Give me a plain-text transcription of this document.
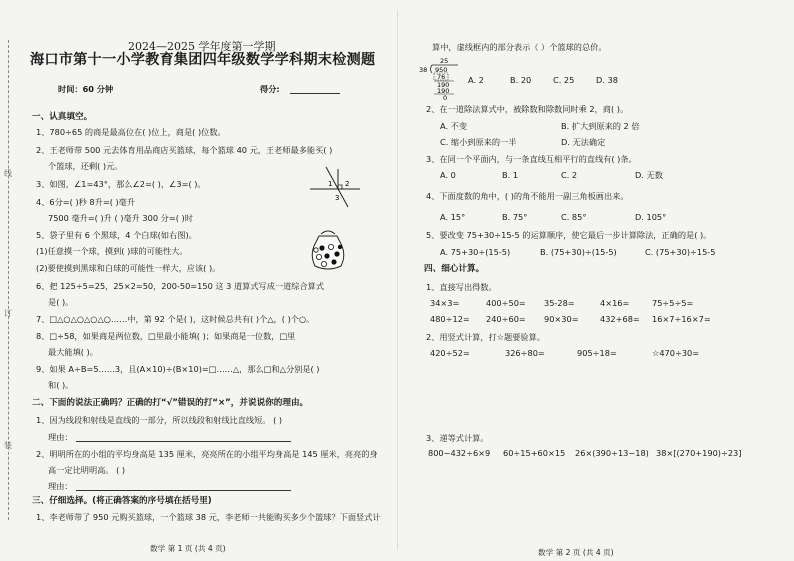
线
订
装
2024—2025 学年度第一学期
海口市第十一小学教育集团四年级数学学科期末检测题
时间：60 分钟	得分:
一、认真填空。
1、780÷65 的商是最高位在( )位上，商是( )位数。
2、王老师带 500 元去体育用品商店买篮球，每个篮球 40 元，王老师最多能买( )
个篮球，还剩( )元。
3、如图，∠1=43°，那么∠2=( )，∠3=( )。	1 2
3
4、6分=( )秒 8升=( )毫升
7500 毫升=( )升 ( )毫升 300 分=( )时
5、袋子里有 6 个黑球，4 个白球(如右图)。
(1)任意摸一个球，摸到( )球的可能性大。
(2)要使摸到黑球和白球的可能性一样大，应该( )。
6、把 125÷5=25，25×2=50，200-50=150 这 3 道算式写成一道综合算式
是( )。
7、□△○△○△○△○……中，第 92 个是( )，这时候总共有( )个△，( )个○。
8、□÷58，如果商是两位数，□里最小能填( )；如果商是一位数，□里
最大能填( )。
9、如果 A÷B=5……3，且(A×10)÷(B×10)=□……△，那么□和△分别是( )
和( )。
二、下面的说法正确吗？正确的打“√”错误的打“×”，并说说你的理由。
1、因为线段和射线是直线的一部分，所以线段和射线比直线短。 ( )
理由：
2、明明所在的小组的平均身高是 135 厘米，亮亮所在的小组平均身高是 145 厘米，亮亮的身
高一定比明明高。 ( )
理由：
三、仔细选择。(将正确答案的序号填在括号里)
1、李老师带了 950 元购买篮球，一个篮球 38 元，李老师一共能购买多少个篮球？下面竖式计
数学 第 1 页 (共 4 页)
算中，虚线框内的部分表示（ ）个篮球的总价。
25
38 950
76
190
190
0
A. 2	B. 20	C. 25	D. 38
2、在一道除法算式中，被除数和除数同时乘 2，商( )。
A. 不变	B. 扩大到原来的 2 倍
C. 缩小到原来的一半	D. 无法确定
3、在同一个平面内，与一条直线互相平行的直线有( )条。
A. 0	B. 1	C. 2	D. 无数
4、下面度数的角中，( )的角不能用一副三角板画出来。
A. 15°	B. 75°	C. 85°	D. 105°
5、要改变 75+30÷15-5 的运算顺序，使它最后一步计算除法，正确的是( )。
A. 75+30÷(15-5)	B. (75+30)÷(15-5)	C. (75+30)÷15-5
四、细心计算。
1、直接写出得数。
34×3=	400÷50= 35-28=	4×16=	75÷5÷5=
480÷12= 240÷60= 90×30=	432+68= 16×7÷16×7=
2、用竖式计算，打☆题要验算。
420÷52=	326÷80=	905÷18=	☆470÷30=
3、递等式计算。
800−432÷6×9 60÷15+60×15 26×(390÷13−18) 38×[(270+190)÷23]
数学 第 2 页 (共 4 页)
